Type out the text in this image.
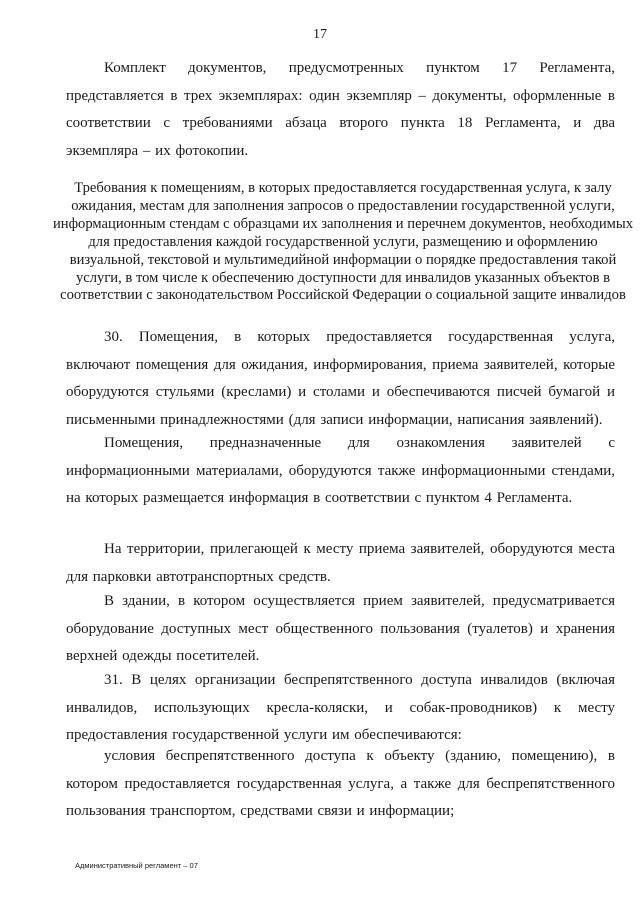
17

Комплект документов, предусмотренных пунктом 17 Регламента, представляется в трех экземплярах: один экземпляр – документы, оформленные в соответствии с требованиями абзаца второго пункта 18 Регламента, и два экземпляра – их фотокопии.

Требования к помещениям, в которых предоставляется государственная услуга, к залу ожидания, местам для заполнения запросов о предоставлении государственной услуги, информационным стендам с образцами их заполнения и перечнем документов, необходимых для предоставления каждой государственной услуги, размещению и оформлению визуальной, текстовой и мультимедийной информации о порядке предоставления такой услуги, в том числе к обеспечению доступности для инвалидов указанных объектов в соответствии с законодательством Российской Федерации о социальной защите инвалидов

30. Помещения, в которых предоставляется государственная услуга, включают помещения для ожидания, информирования, приема заявителей, которые оборудуются стульями (креслами) и столами и обеспечиваются писчей бумагой и письменными принадлежностями (для записи информации, написания заявлений).

Помещения, предназначенные для ознакомления заявителей с информационными материалами, оборудуются также информационными стендами, на которых размещается информация в соответствии с пунктом 4 Регламента.

На территории, прилегающей к месту приема заявителей, оборудуются места для парковки автотранспортных средств.

В здании, в котором осуществляется прием заявителей, предусматривается оборудование доступных мест общественного пользования (туалетов) и хранения верхней одежды посетителей.

31. В целях организации беспрепятственного доступа инвалидов (включая инвалидов, использующих кресла-коляски, и собак-проводников) к месту предоставления государственной услуги им обеспечиваются:

условия беспрепятственного доступа к объекту (зданию, помещению), в котором предоставляется государственная услуга, а также для беспрепятственного пользования транспортом, средствами связи и информации;

Административный регламент – 07
